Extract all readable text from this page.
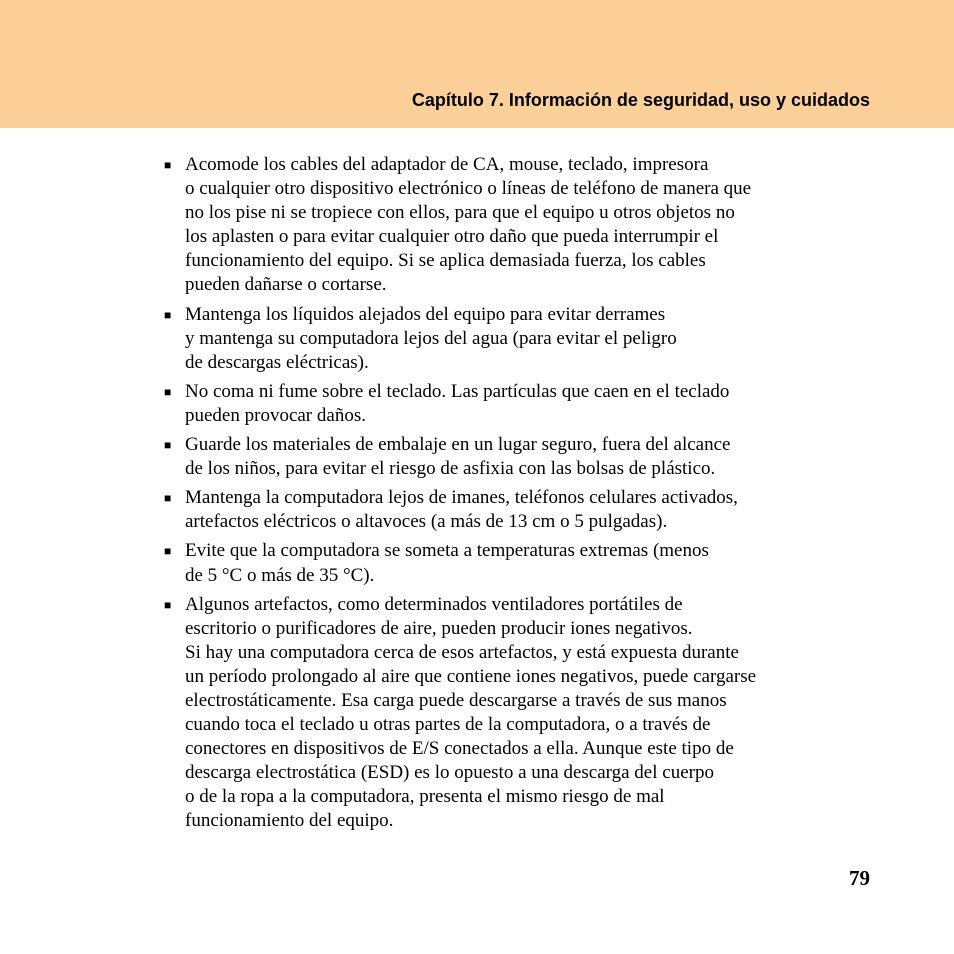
Capítulo 7. Información de seguridad, uso y cuidados
■ Acomode los cables del adaptador de CA, mouse, teclado, impresora
o cualquier otro dispositivo electrónico o líneas de teléfono de manera que
no los pise ni se tropiece con ellos, para que el equipo u otros objetos no
los aplasten o para evitar cualquier otro daño que pueda interrumpir el
funcionamiento del equipo. Si se aplica demasiada fuerza, los cables
pueden dañarse o cortarse.
■ Mantenga los líquidos alejados del equipo para evitar derrames
y mantenga su computadora lejos del agua (para evitar el peligro
de descargas eléctricas).
■ No coma ni fume sobre el teclado. Las partículas que caen en el teclado
pueden provocar daños.
■ Guarde los materiales de embalaje en un lugar seguro, fuera del alcance
de los niños, para evitar el riesgo de asfixia con las bolsas de plástico.
■ Mantenga la computadora lejos de imanes, teléfonos celulares activados,
artefactos eléctricos o altavoces (a más de 13 cm o 5 pulgadas).
■ Evite que la computadora se someta a temperaturas extremas (menos
de 5 °C o más de 35 °C).
■ Algunos artefactos, como determinados ventiladores portátiles de
escritorio o purificadores de aire, pueden producir iones negativos.
Si hay una computadora cerca de esos artefactos, y está expuesta durante
un período prolongado al aire que contiene iones negativos, puede cargarse
electrostáticamente. Esa carga puede descargarse a través de sus manos
cuando toca el teclado u otras partes de la computadora, o a través de
conectores en dispositivos de E/S conectados a ella. Aunque este tipo de
descarga electrostática (ESD) es lo opuesto a una descarga del cuerpo
o de la ropa a la computadora, presenta el mismo riesgo de mal
funcionamiento del equipo.
79
